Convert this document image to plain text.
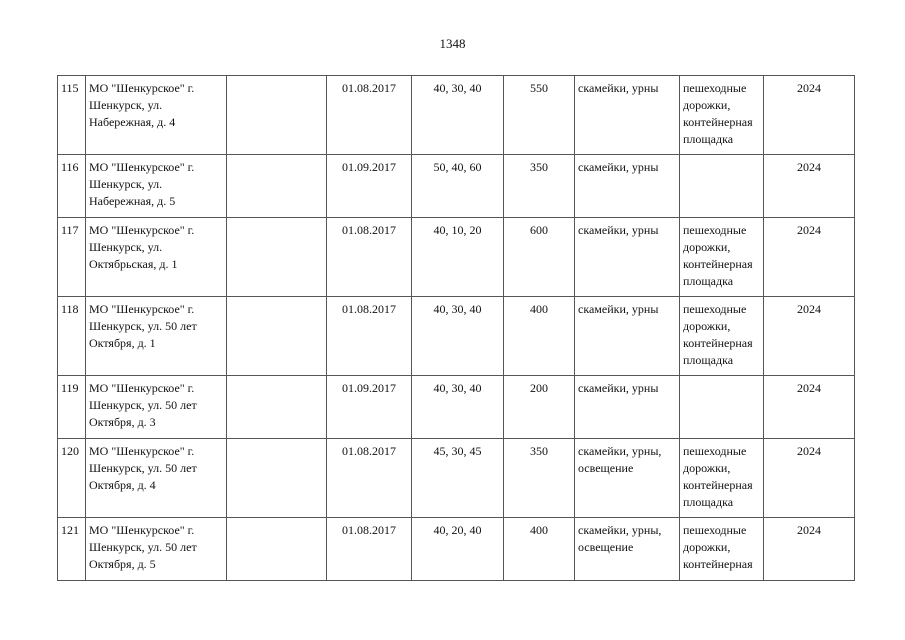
1348
115	МО "Шенкурское" г.
Шенкурск, ул.
Набережная, д. 4		01.08.2017	40, 30, 40	550	скамейки, урны	пешеходные
дорожки,
контейнерная
площадка	2024
116	МО "Шенкурское" г.
Шенкурск, ул.
Набережная, д. 5		01.09.2017	50, 40, 60	350	скамейки, урны		2024
117	МО "Шенкурское" г.
Шенкурск, ул.
Октябрьская, д. 1		01.08.2017	40, 10, 20	600	скамейки, урны	пешеходные
дорожки,
контейнерная
площадка	2024
118	МО "Шенкурское" г.
Шенкурск, ул. 50 лет
Октября, д. 1		01.08.2017	40, 30, 40	400	скамейки, урны	пешеходные
дорожки,
контейнерная
площадка	2024
119	МО "Шенкурское" г.
Шенкурск, ул. 50 лет
Октября, д. 3		01.09.2017	40, 30, 40	200	скамейки, урны		2024
120	МО "Шенкурское" г.
Шенкурск, ул. 50 лет
Октября, д. 4		01.08.2017	45, 30, 45	350	скамейки, урны, освещение	пешеходные
дорожки,
контейнерная
площадка	2024
121	МО "Шенкурское" г.
Шенкурск, ул. 50 лет
Октября, д. 5		01.08.2017	40, 20, 40	400	скамейки, урны, освещение	пешеходные
дорожки,
контейнерная	2024
